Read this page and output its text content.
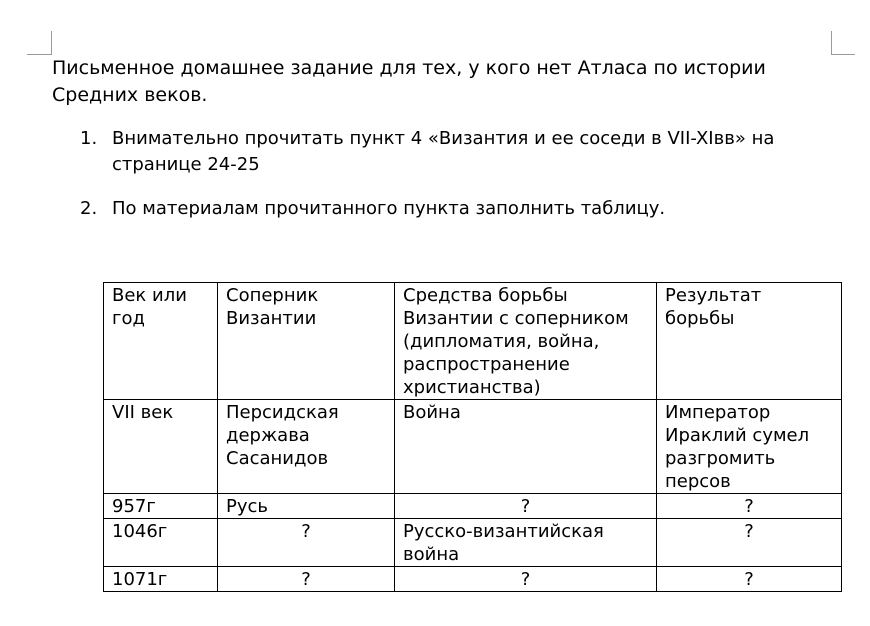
Письменное домашнее задание для тех, у кого нет Атласа по истории Средних веков.

1. Внимательно прочитать пункт 4 «Византия и ее соседи в VII-XIвв» на странице 24-25
2. По материалам прочитанного пункта заполнить таблицу.
Век или год	Соперник Византии	Средства борьбы Византии с соперником (дипломатия, война, распространение христианства)	Результат борьбы
VII век	Персидская держава Сасанидов	Война	Император Ираклий сумел разгромить персов
957г	Русь	?	?
1046г	?	Русско-византийская война	?
1071г	?	?	?
